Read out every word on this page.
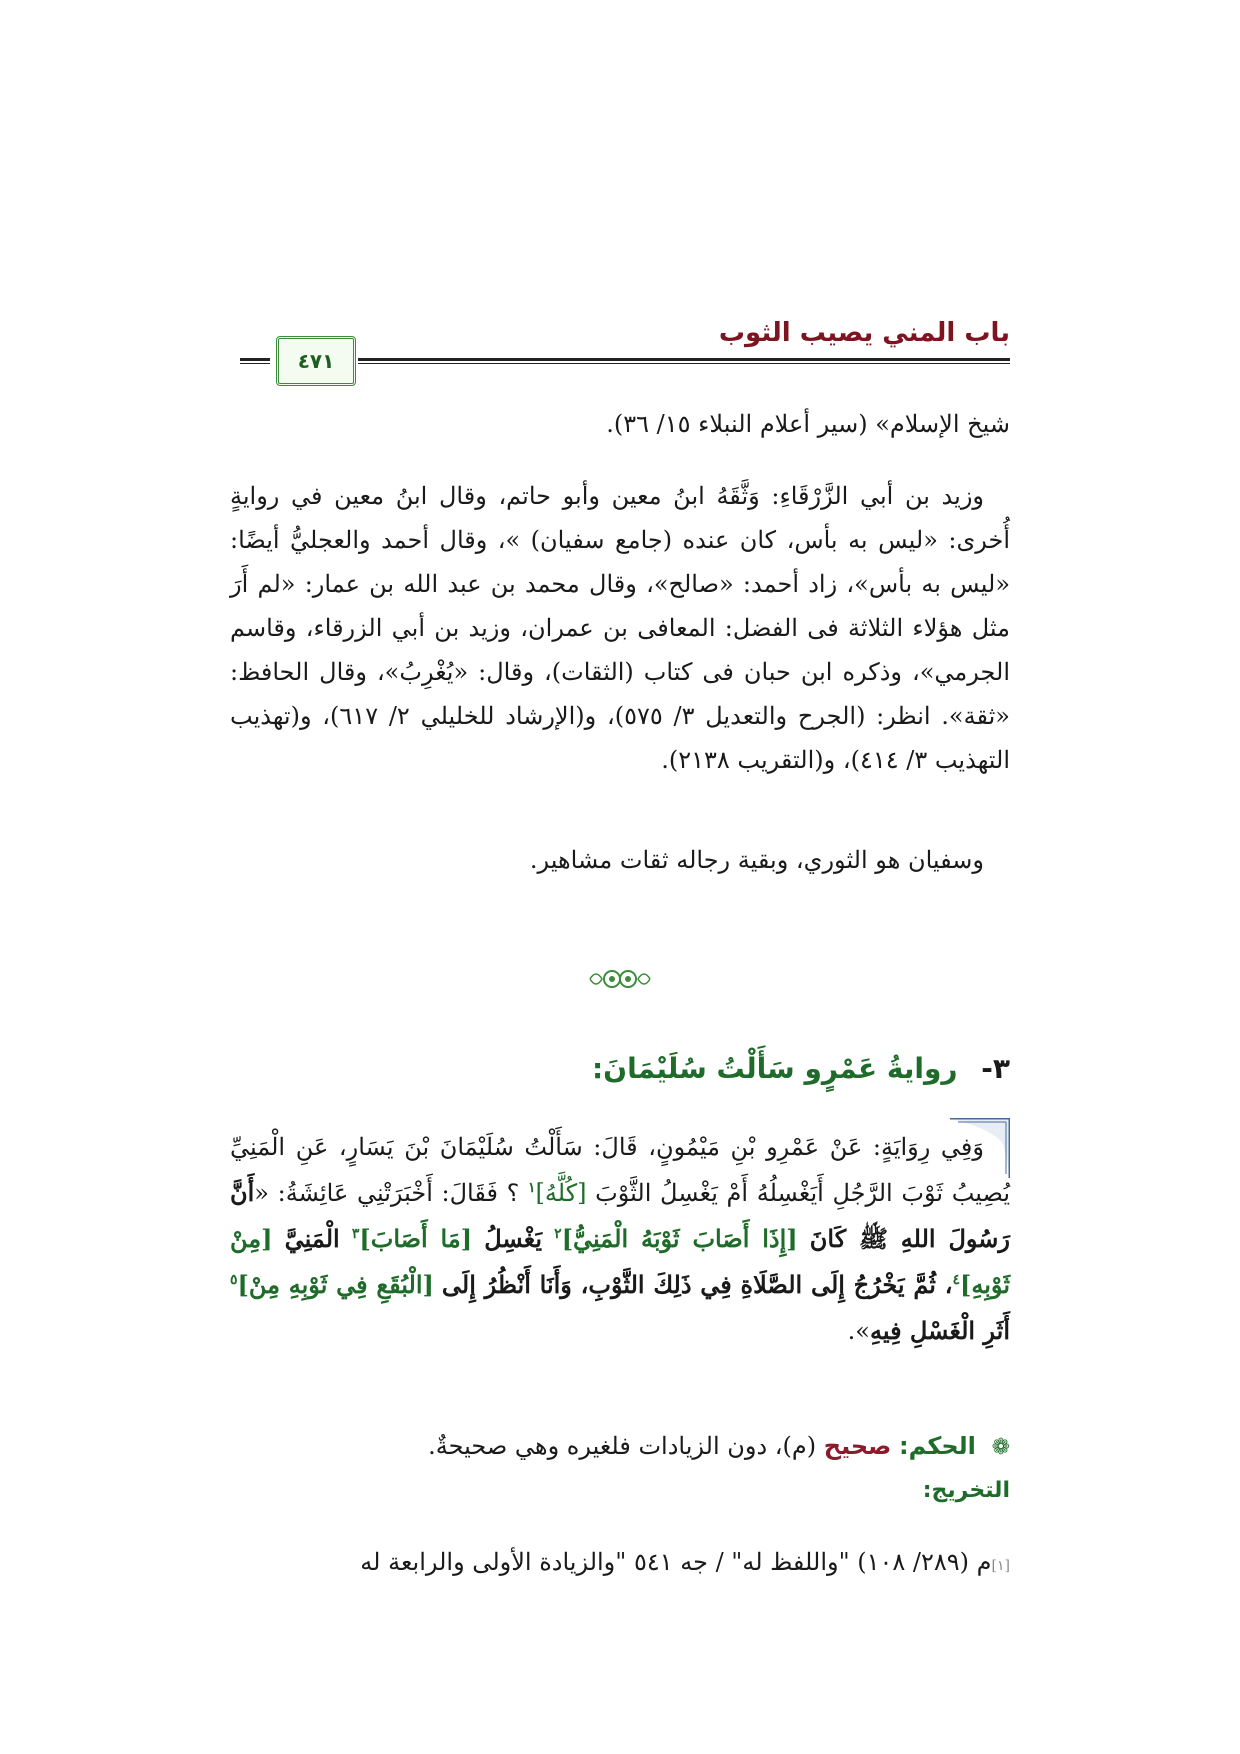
٤٧١
باب المني يصيب الثوب

شيخ الإسلام» (سير أعلام النبلاء ١٥/ ٣٦).

وزيد بن أبي الزَّرْقَاءِ: وَثَّقَهُ ابنُ معين وأبو حاتم، وقال ابنُ معين في روايةٍ أُخرى: «ليس به بأس، كان عنده (جامع سفيان) »، وقال أحمد والعجليُّ أيضًا: «ليس به بأس»، زاد أحمد: «صالح»، وقال محمد بن عبد الله بن عمار: «لم أَرَ مثل هؤلاء الثلاثة فى الفضل: المعافى بن عمران، وزيد بن أبي الزرقاء، وقاسم الجرمي»، وذكره ابن حبان فى كتاب (الثقات)، وقال: «يُغْرِبُ»، وقال الحافظ: «ثقة». انظر: (الجرح والتعديل ٣/ ٥٧٥)، و(الإرشاد للخليلي ٢/ ٦١٧)، و(تهذيب التهذيب ٣/ ٤١٤)، و(التقريب ٢١٣٨).

وسفيان هو الثوري، وبقية رجاله ثقات مشاهير.

٣- روايةُ عَمْرٍو سَأَلْتُ سُلَيْمَانَ:
وَفِي رِوَايَةٍ: عَنْ عَمْرِو بْنِ مَيْمُونٍ، قَالَ: سَأَلْتُ سُلَيْمَانَ بْنَ يَسَارٍ، عَنِ الْمَنِيِّ يُصِيبُ ثَوْبَ الرَّجُلِ أَيَغْسِلُهُ أَمْ يَغْسِلُ الثَّوْبَ [كُلَّهُ]$^١$ ؟ فَقَالَ: أَخْبَرَتْنِي عَائِشَةُ: «أَنَّ رَسُولَ اللهِ ﷺ كَانَ [إِذَا أَصَابَ ثَوْبَهُ الْمَنِيُّ]$^٢$ يَغْسِلُ [مَا أَصَابَ]$^٣$ الْمَنِيَّ [مِنْ ثَوْبِهِ]$^٤$، ثُمَّ يَخْرُجُ إِلَى الصَّلَاةِ فِي ذَلِكَ الثَّوْبِ، وَأَنَا أَنْظُرُ إِلَى [الْبُقَعِ فِي ثَوْبِهِ مِنْ]$^٥$ أَثَرِ الْغَسْلِ فِيهِ».
❁ الحكم: صحيح (م)، دون الزيادات فلغيره وهي صحيحةٌ.
التخريج:
[١]م (٢٨٩/ ١٠٨) "واللفظ له" / جه ٥٤١ "والزيادة الأولى والرابعة له
